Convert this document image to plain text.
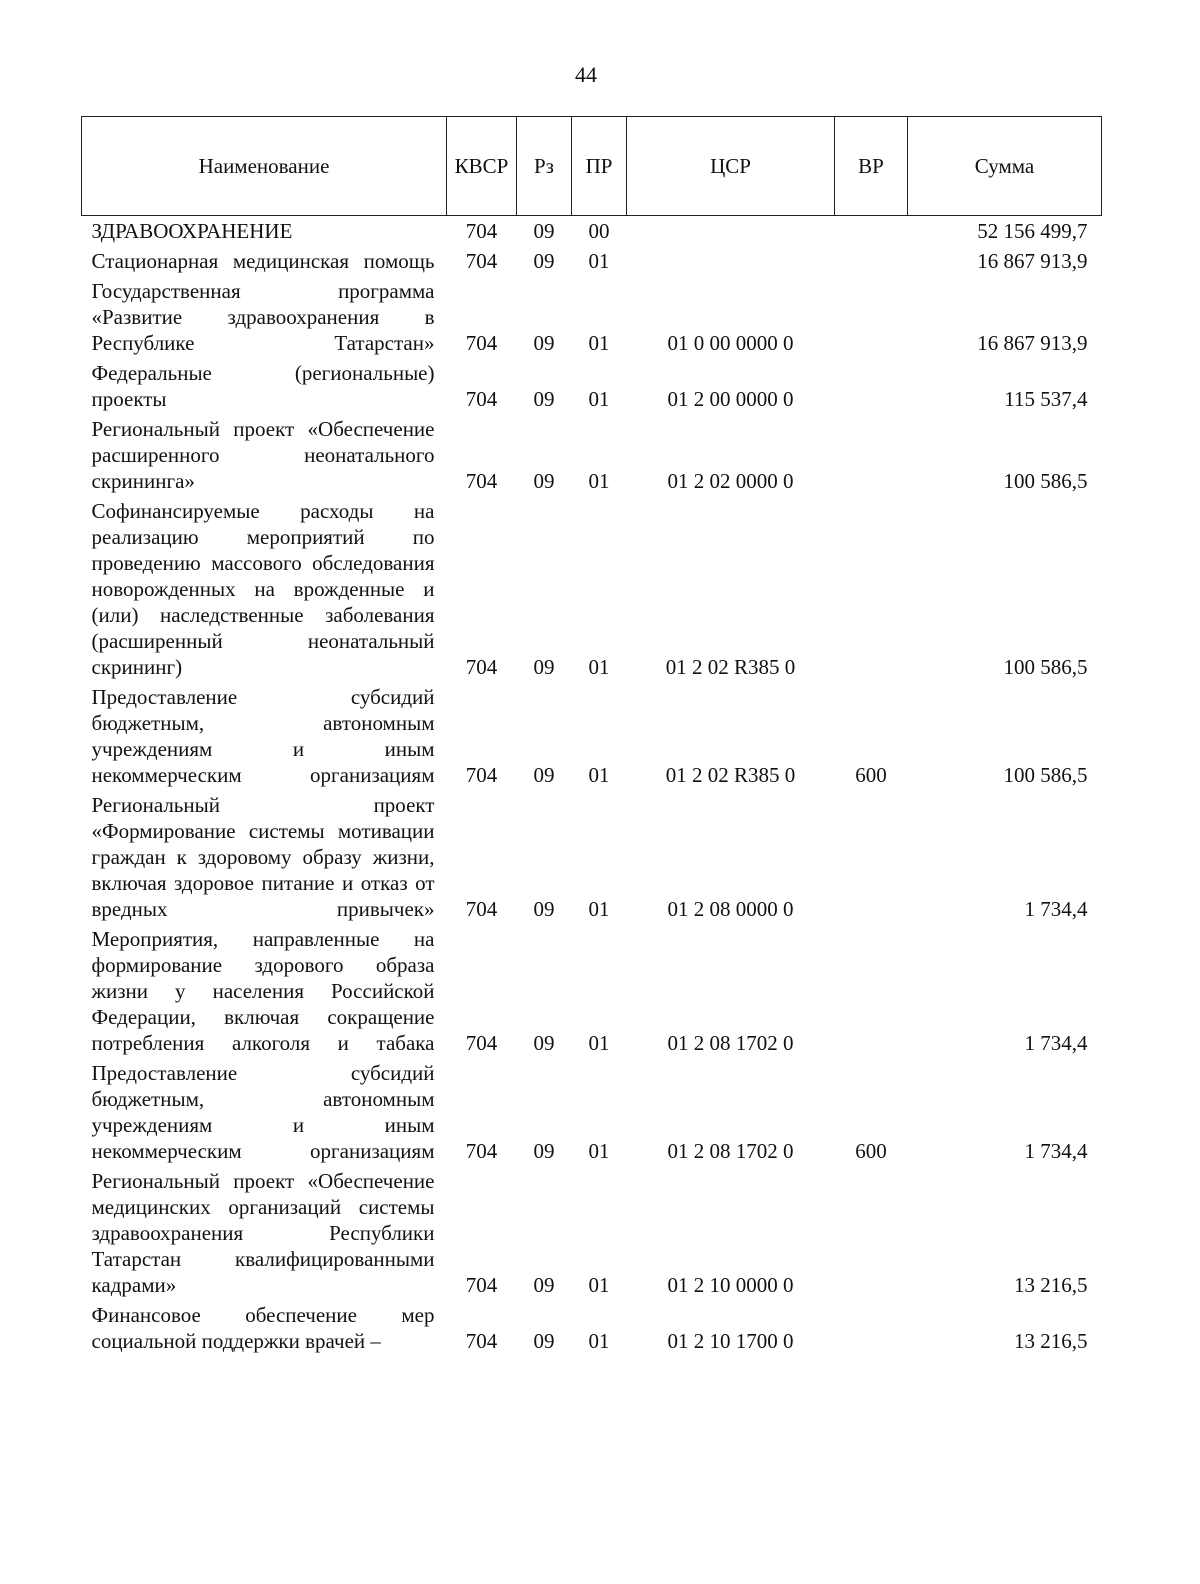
44
Наименование	КВСР	Рз	ПР	ЦСР	ВР	Сумма
ЗДРАВООХРАНЕНИЕ	704	09	00			52 156 499,7
Стационарная медицинская помощь	704	09	01			16 867 913,9
Государственная программа «Развитие здравоохранения в Республике Татарстан»	704	09	01	01 0 00 0000 0		16 867 913,9
Федеральные (региональные) проекты	704	09	01	01 2 00 0000 0		115 537,4
Региональный проект «Обеспечение расширенного неонатального скрининга»	704	09	01	01 2 02 0000 0		100 586,5
Софинансируемые расходы на реализацию мероприятий по проведению массового обследования новорожденных на врожденные и (или) наследственные заболевания (расширенный неонатальный скрининг)	704	09	01	01 2 02 R385 0		100 586,5
Предоставление субсидий бюджетным, автономным учреждениям и иным некоммерческим организациям	704	09	01	01 2 02 R385 0	600	100 586,5
Региональный проект «Формирование системы мотивации граждан к здоровому образу жизни, включая здоровое питание и отказ от вредных привычек»	704	09	01	01 2 08 0000 0		1 734,4
Мероприятия, направленные на формирование здорового образа жизни у населения Российской Федерации, включая сокращение потребления алкоголя и табака	704	09	01	01 2 08 1702 0		1 734,4
Предоставление субсидий бюджетным, автономным учреждениям и иным некоммерческим организациям	704	09	01	01 2 08 1702 0	600	1 734,4
Региональный проект «Обеспечение медицинских организаций системы здравоохранения Республики Татарстан квалифицированными кадрами»	704	09	01	01 2 10 0000 0		13 216,5
Финансовое обеспечение мер социальной поддержки врачей –	704	09	01	01 2 10 1700 0		13 216,5
